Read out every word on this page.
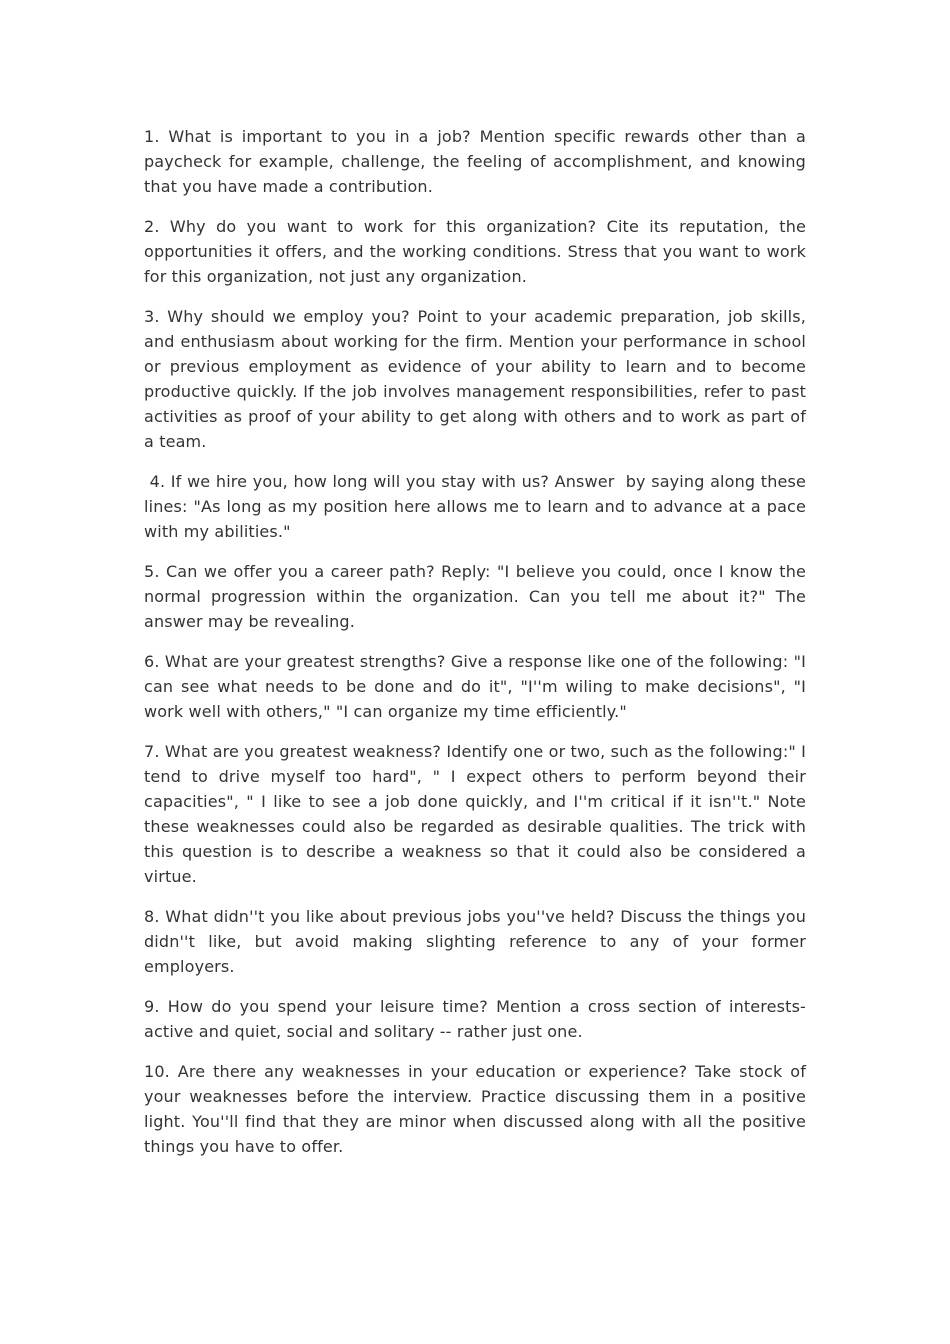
1. What is important to you in a job? Mention specific rewards other than a paycheck for example, challenge, the feeling of accomplishment, and knowing that you have made a contribution.

2. Why do you want to work for this organization? Cite its reputation, the opportunities it offers, and the working conditions. Stress that you want to work for this organization, not just any organization.

3. Why should we employ you? Point to your academic preparation, job skills, and enthusiasm about working for the firm. Mention your performance in school or previous employment as evidence of your ability to learn and to become productive quickly. If the job involves management responsibilities, refer to past activities as proof of your ability to get along with others and to work as part of a team.

4. If we hire you, how long will you stay with us? Answer  by saying along these lines: "As long as my position here allows me to learn and to advance at a pace with my abilities."

5. Can we offer you a career path? Reply: "I believe you could, once I know the normal progression within the organization. Can you tell me about it?" The answer may be revealing.

6. What are your greatest strengths? Give a response like one of the following: "I can see what needs to be done and do it", "I''m wiling to make decisions", "I work well with others," "I can organize my time efficiently."

7. What are you greatest weakness? Identify one or two, such as the following:" I tend to drive myself too hard", " I expect others to perform beyond their capacities", " I like to see a job done quickly, and I''m critical if it isn''t." Note these weaknesses could also be regarded as desirable qualities. The trick with this question is to describe a weakness so that it could also be considered a virtue.

8. What didn''t you like about previous jobs you''ve held? Discuss the things you didn''t like, but avoid making slighting reference to any of your former employers.

9. How do you spend your leisure time? Mention a cross section of interests- active and quiet, social and solitary -- rather just one.

10. Are there any weaknesses in your education or experience? Take stock of your weaknesses before the interview. Practice discussing them in a positive light. You''ll find that they are minor when discussed along with all the positive things you have to offer.
